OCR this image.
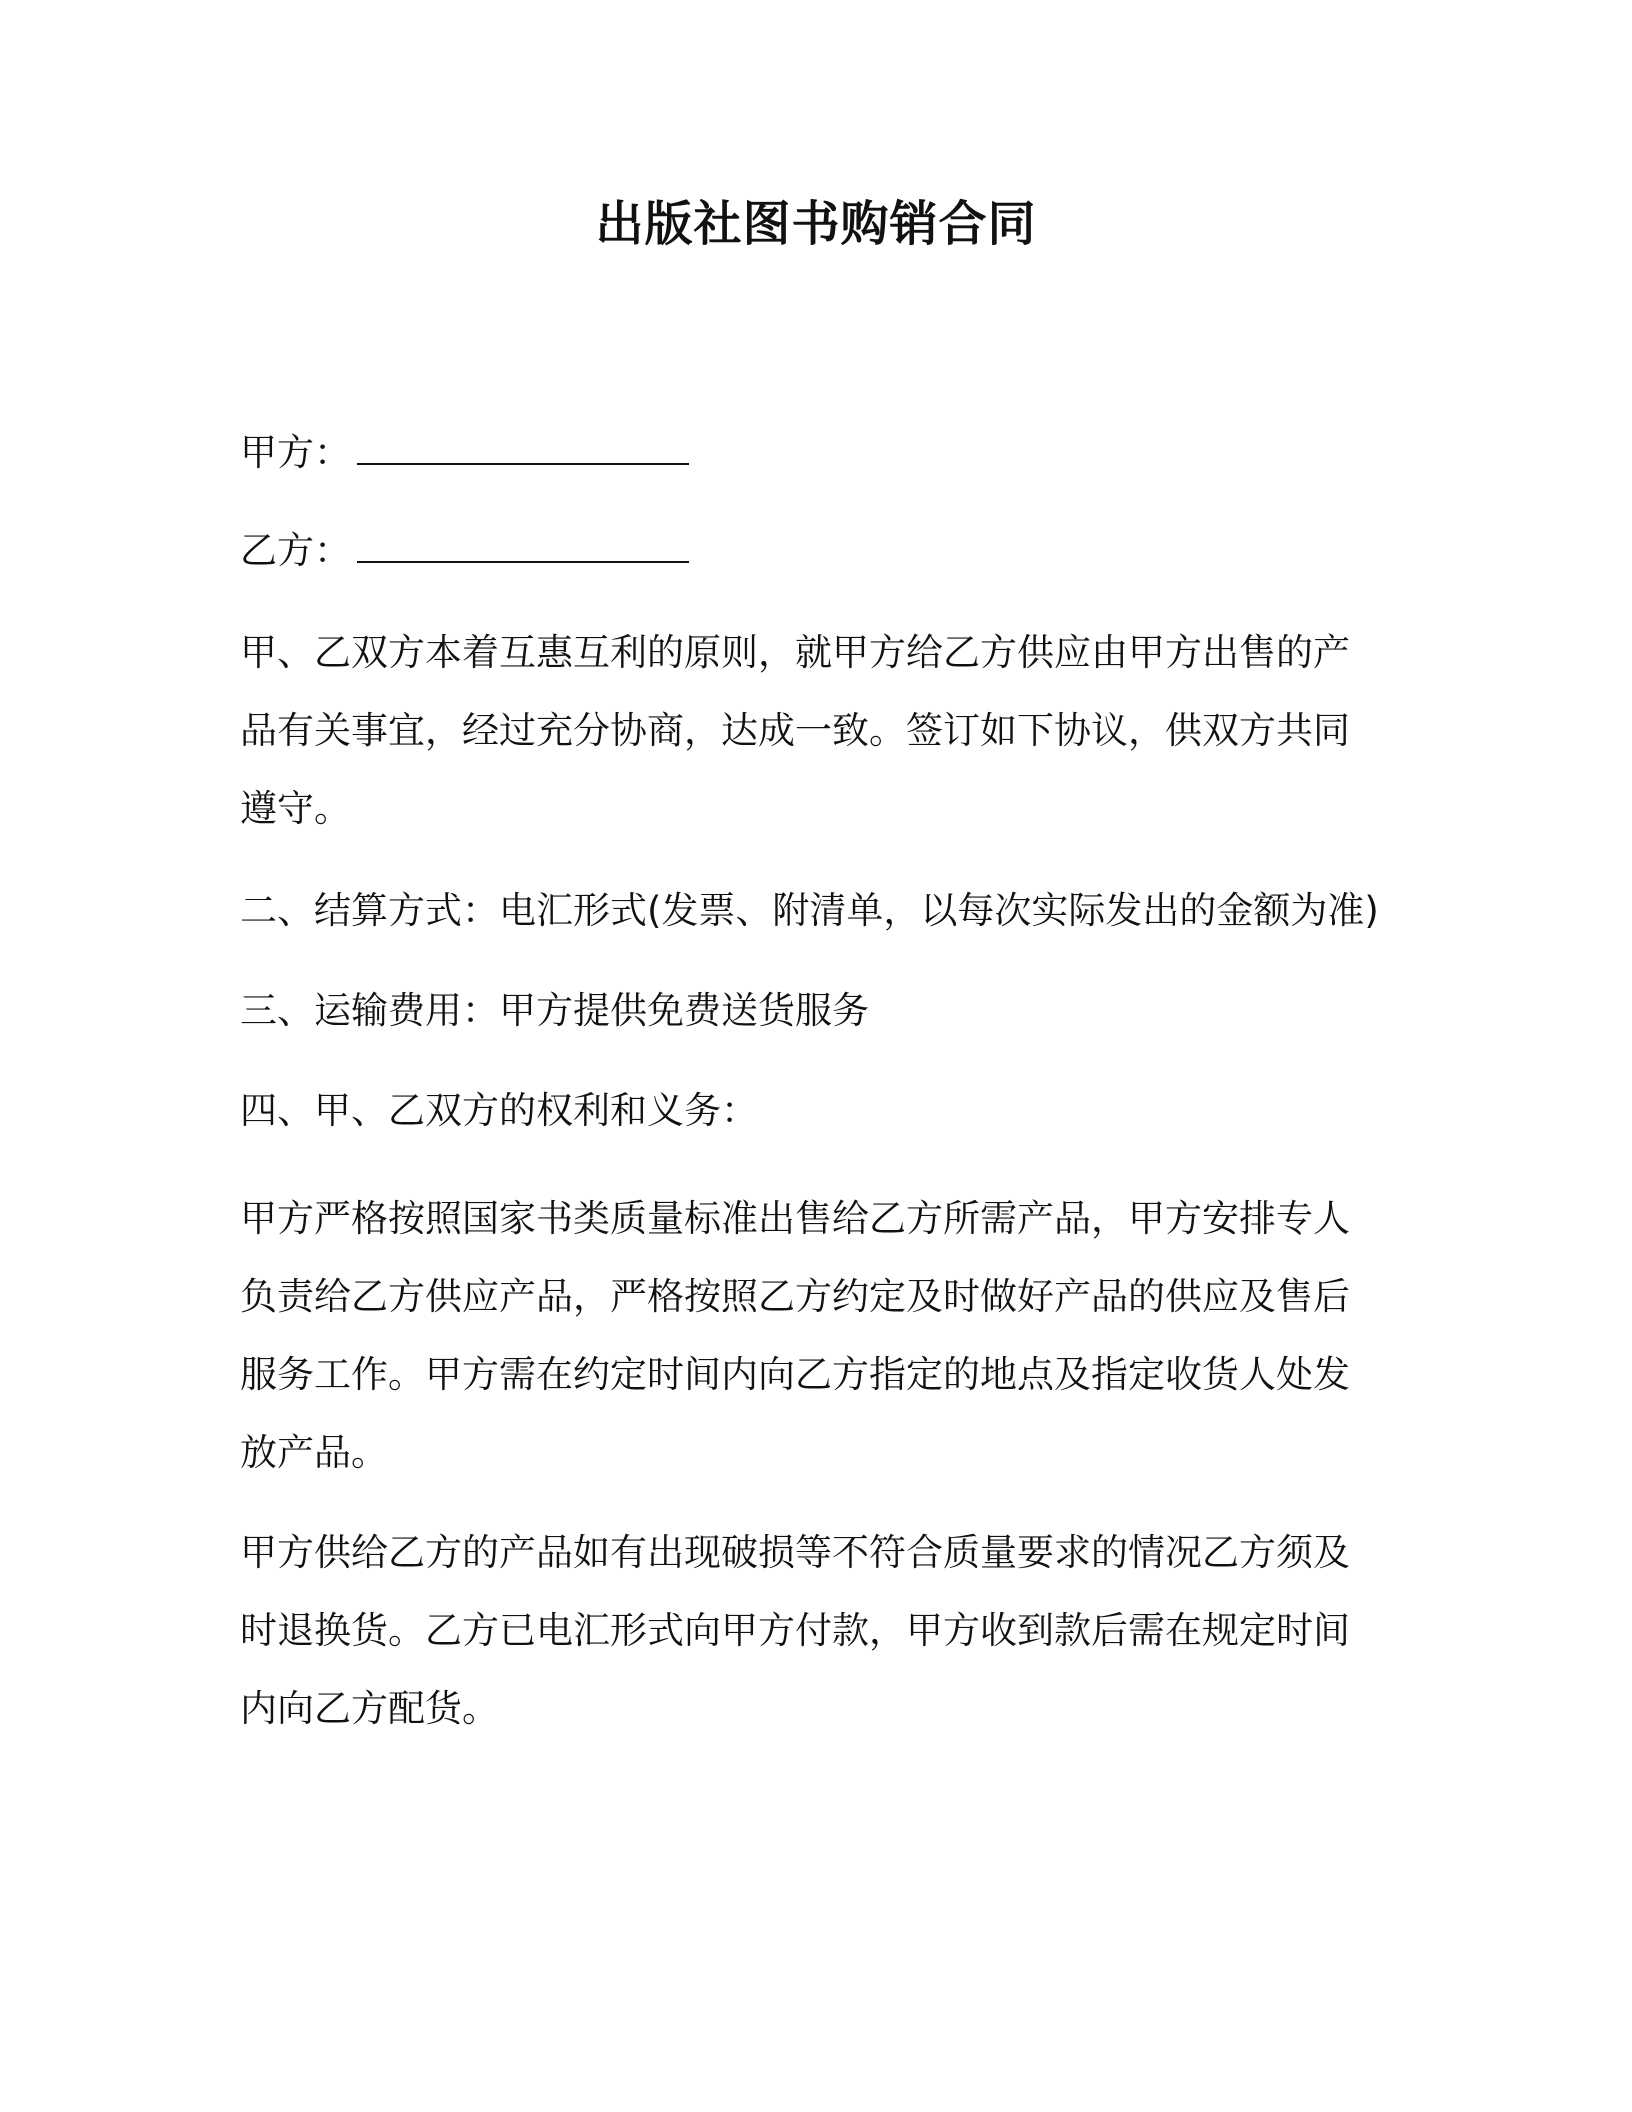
出版社图书购销合同
甲方：
乙方：
甲、乙双方本着互惠互利的原则，就甲方给乙方供应由甲方出售的产
品有关事宜，经过充分协商，达成一致。签订如下协议，供双方共同
遵守。
二、结算方式：电汇形式(发票、附清单，以每次实际发出的金额为准)
三、运输费用：甲方提供免费送货服务
四、甲、乙双方的权利和义务：
甲方严格按照国家书类质量标准出售给乙方所需产品，甲方安排专人
负责给乙方供应产品，严格按照乙方约定及时做好产品的供应及售后
服务工作。甲方需在约定时间内向乙方指定的地点及指定收货人处发
放产品。
甲方供给乙方的产品如有出现破损等不符合质量要求的情况乙方须及
时退换货。乙方已电汇形式向甲方付款，甲方收到款后需在规定时间
内向乙方配货。
